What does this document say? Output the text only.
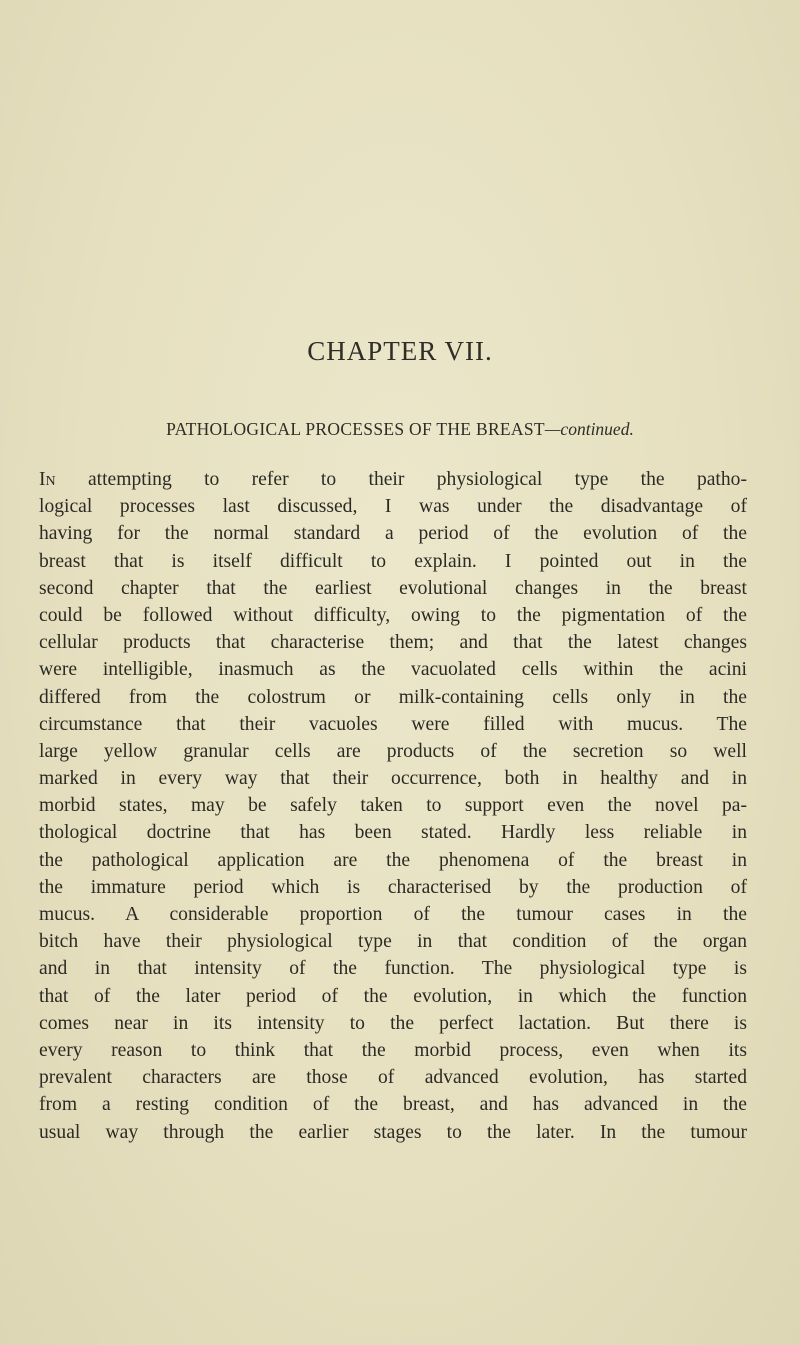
CHAPTER VII.

PATHOLOGICAL PROCESSES OF THE BREAST—continued.

In attempting to refer to their physiological type the patho-
logical processes last discussed, I was under the disadvantage of
having for the normal standard a period of the evolution of the
breast that is itself difficult to explain. I pointed out in the
second chapter that the earliest evolutional changes in the breast
could be followed without difficulty, owing to the pigmentation of the
cellular products that characterise them; and that the latest changes
were intelligible, inasmuch as the vacuolated cells within the acini
differed from the colostrum or milk-containing cells only in the
circumstance that their vacuoles were filled with mucus. The
large yellow granular cells are products of the secretion so well
marked in every way that their occurrence, both in healthy and in
morbid states, may be safely taken to support even the novel pa-
thological doctrine that has been stated. Hardly less reliable in
the pathological application are the phenomena of the breast in
the immature period which is characterised by the production of
mucus. A considerable proportion of the tumour cases in the
bitch have their physiological type in that condition of the organ
and in that intensity of the function. The physiological type is
that of the later period of the evolution, in which the function
comes near in its intensity to the perfect lactation. But there is
every reason to think that the morbid process, even when its
prevalent characters are those of advanced evolution, has started
from a resting condition of the breast, and has advanced in the
usual way through the earlier stages to the later. In the tumour
